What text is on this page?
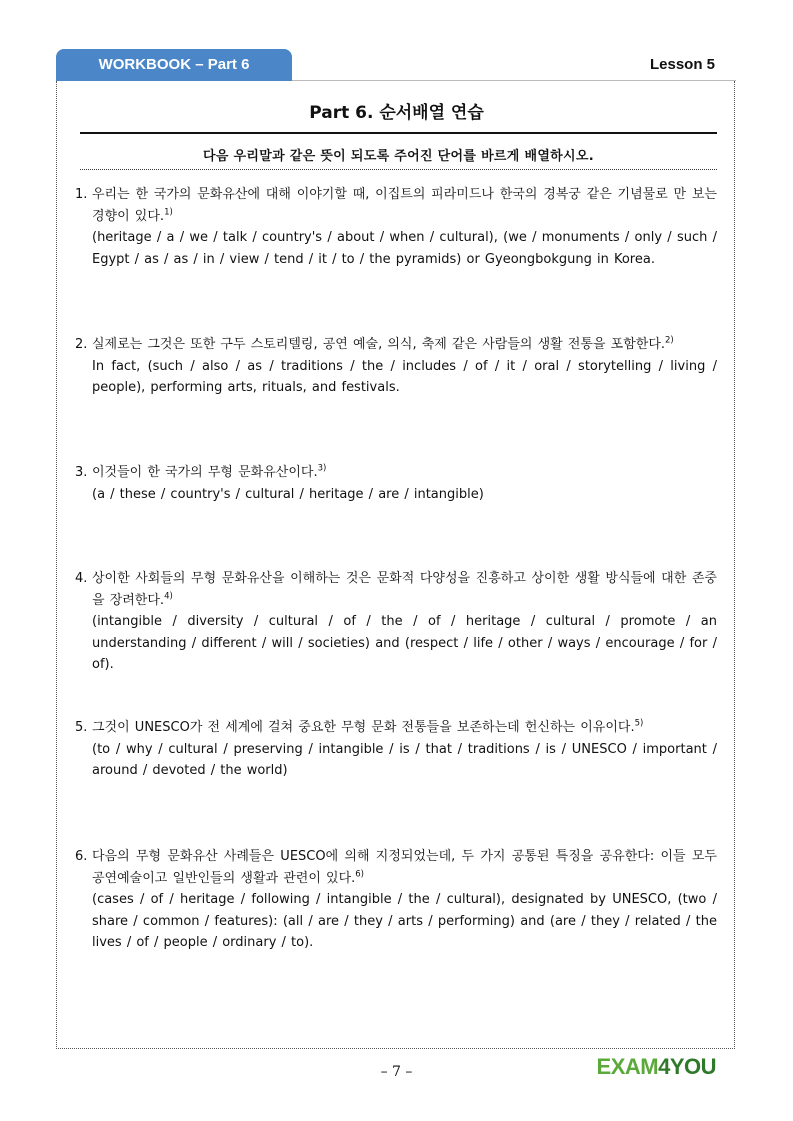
WORKBOOK – Part 6	Lesson 5
Part 6. 순서배열 연습
다음 우리말과 같은 뜻이 되도록 주어진 단어를 바르게 배열하시오.
1. 우리는 한 국가의 문화유산에 대해 이야기할 때, 이집트의 피라미드나 한국의 경복궁 같은 기념물로 만 보는 경향이 있다.$^{1)}$
(heritage / a / we / talk / country's / about / when / cultural), (we / monuments / only / such / Egypt / as / as / in / view / tend / it / to / the pyramids) or Gyeongbokgung in Korea.
2. 실제로는 그것은 또한 구두 스토리텔링, 공연 예술, 의식, 축제 같은 사람들의 생활 전통을 포함한다.$^{2)}$
In fact, (such / also / as / traditions / the / includes / of / it / oral / storytelling / living / people), performing arts, rituals, and festivals.
3. 이것들이 한 국가의 무형 문화유산이다.$^{3)}$
(a / these / country's / cultural / heritage / are / intangible)
4. 상이한 사회들의 무형 문화유산을 이해하는 것은 문화적 다양성을 진흥하고 상이한 생활 방식들에 대한 존중을 장려한다.$^{4)}$
(intangible / diversity / cultural / of / the / of / heritage / cultural / promote / an understanding / different / will / societies) and (respect / life / other / ways / encourage / for / of).
5. 그것이 UNESCO가 전 세계에 걸쳐 중요한 무형 문화 전통들을 보존하는데 헌신하는 이유이다.$^{5)}$
(to / why / cultural / preserving / intangible / is / that / traditions / is / UNESCO / important / around / devoted / the world)
6. 다음의 무형 문화유산 사례들은 UESCO에 의해 지정되었는데, 두 가지 공통된 특징을 공유한다: 이들 모두 공연예술이고 일반인들의 생활과 관련이 있다.$^{6)}$
(cases / of / heritage / following / intangible / the / cultural), designated by UNESCO, (two / share / common / features): (all / are / they / arts / performing) and (are / they / related / the lives / of / people / ordinary / to).
– 7 –	EXAM4YOU
